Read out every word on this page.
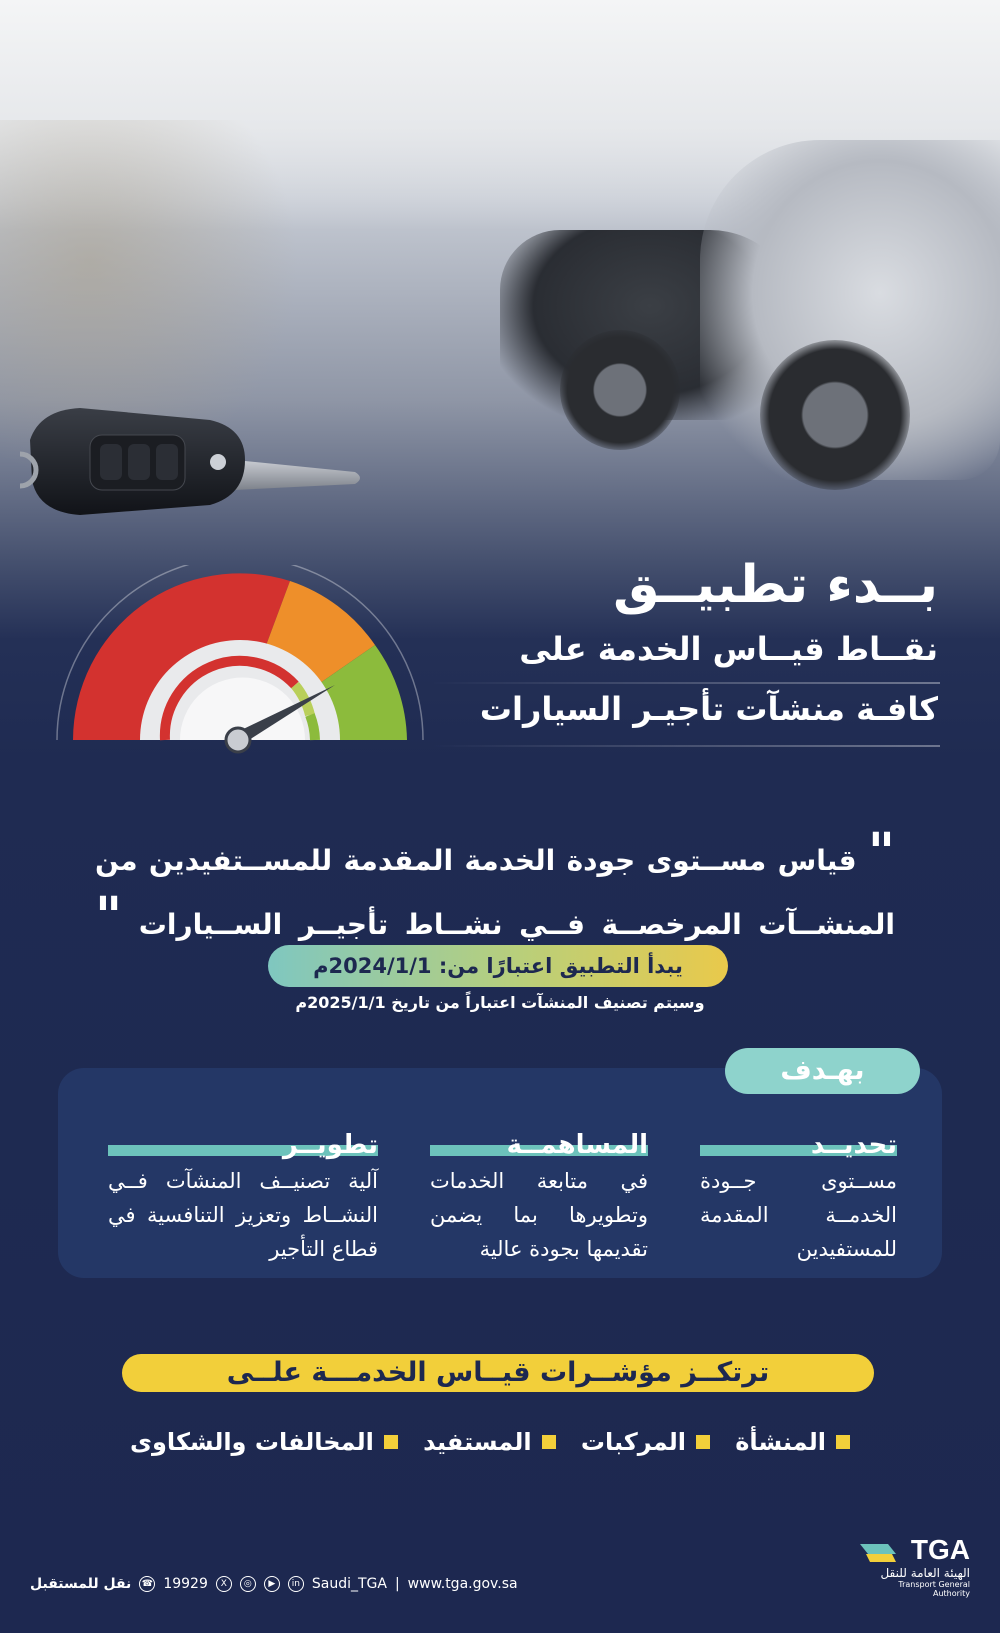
بــدء تطبيــق
نقــاط قيــاس الخدمة على
كافـة منشآت تأجيـر السيارات
" قياس مســتوى جودة الخدمة المقدمة للمســتفيدين من المنشــآت المرخصــة فــي نشــاط تأجيــر الســيارات "
يبدأ التطبيق اعتبارًا من: 2024/1/1م
وسيتم تصنيف المنشآت اعتباراً من تاريخ 2025/1/1م
بهـدف
تحديــد
مســتوى جــودة الخدمــة المقدمة للمستفيدين
المساهمــة
في متابعة الخدمات وتطويرها بما يضمن تقديمها بجودة عالية
تطويــر
آلية تصنيــف المنشآت فــي النشــاط وتعزيز التنافسية في قطاع التأجير
ترتكــز مؤشــرات قيــاس الخدمـــة علــى
المنشأة
المركبات
المستفيد
المخالفات والشكاوى
نقل للمستقبل ☎ 19929	X	◎	▶	in Saudi_TGA | www.tga.gov.sa
TGA
الهيئة العامة للنقل
Transport General Authority
